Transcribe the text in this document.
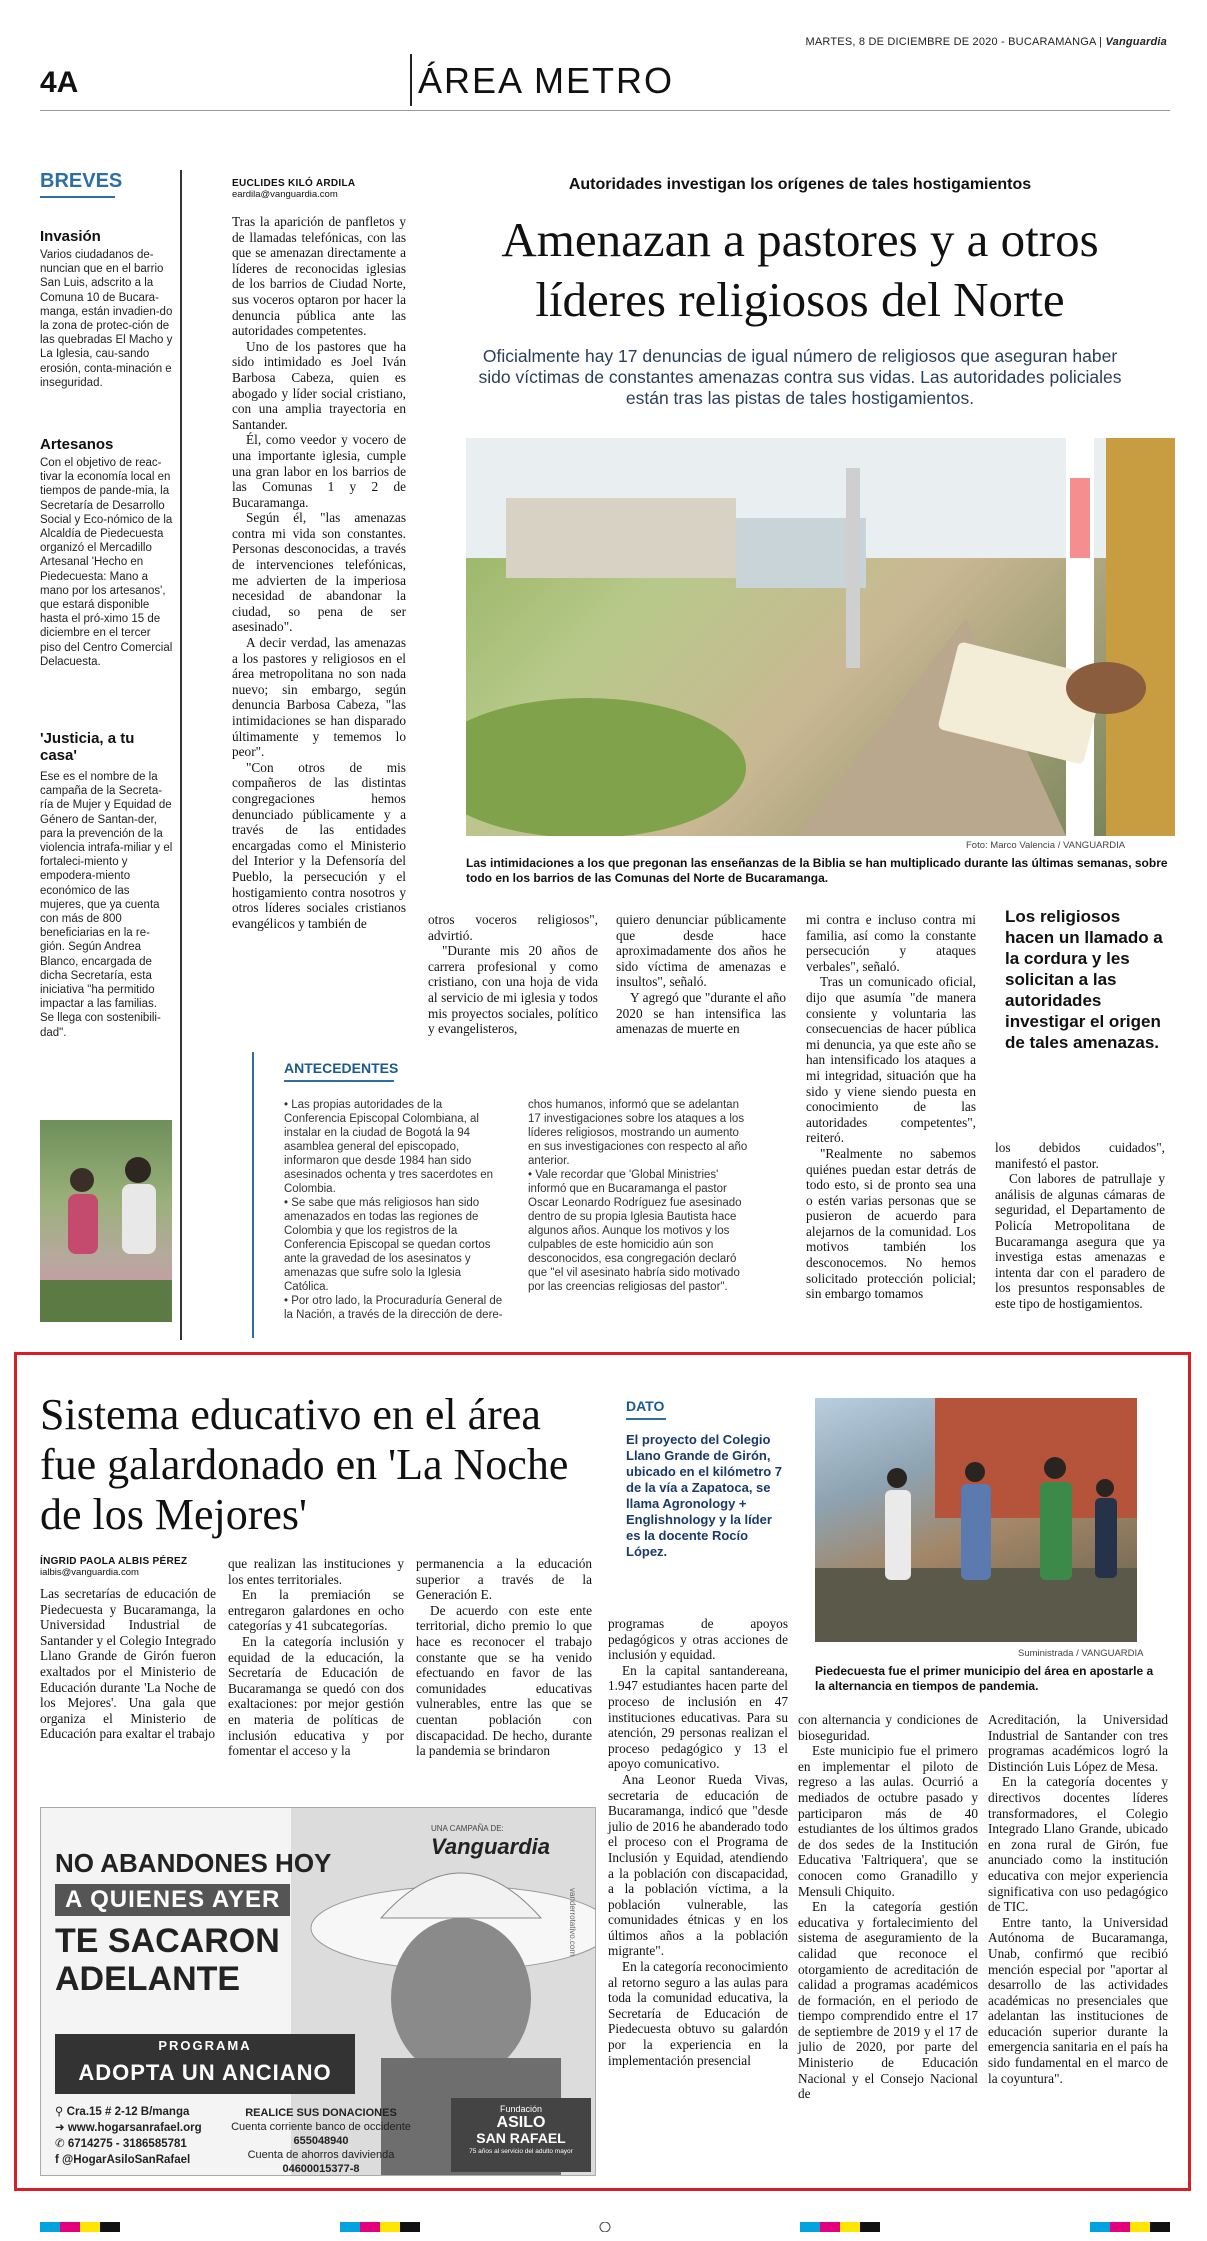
MARTES, 8 DE DICIEMBRE DE 2020 - BUCARAMANGA | Vanguardia
4A	ÁREA METRO
BREVES
Invasión
Varios ciudadanos de-nuncian que en el barrio San Luis, adscrito a la Comuna 10 de Bucara-manga, están invadien-do la zona de protec-ción de las quebradas El Macho y La Iglesia, cau-sando erosión, conta-minación e inseguridad.
Artesanos
Con el objetivo de reac-tivar la economía local en tiempos de pande-mia, la Secretaría de Desarrollo Social y Eco-nómico de la Alcaldía de Piedecuesta organizó el Mercadillo Artesanal 'Hecho en Piedecuesta: Mano a mano por los artesanos', que estará disponible hasta el pró-ximo 15 de diciembre en el tercer piso del Centro Comercial Delacuesta.
'Justicia, a tu casa'
Ese es el nombre de la campaña de la Secreta-ría de Mujer y Equidad de Género de Santan-der, para la prevención de la violencia intrafa-miliar y el fortaleci-miento y empodera-miento económico de las mujeres, que ya cuenta con más de 800 beneficiarias en la re-gión. Según Andrea Blanco, encargada de dicha Secretaría, esta iniciativa "ha permitido impactar a las familias. Se llega con sostenibili-dad".
EUCLIDES KILÓ ARDILA
eardila@vanguardia.com
Autoridades investigan los orígenes de tales hostigamientos
Amenazan a pastores y a otros líderes religiosos del Norte
Oficialmente hay 17 denuncias de igual número de religiosos que aseguran haber sido víctimas de constantes amenazas contra sus vidas. Las autoridades policiales están tras las pistas de tales hostigamientos.

Tras la aparición de panfletos y de llamadas telefónicas, con las que se amenazan directamente a líderes de reconocidas iglesias de los barrios de Ciudad Norte, sus voceros optaron por hacer la denuncia pública ante las autoridades competentes.

Uno de los pastores que ha sido intimidado es Joel Iván Barbosa Cabeza, quien es abogado y líder social cristiano, con una amplia trayectoria en Santander.

Él, como veedor y vocero de una importante iglesia, cumple una gran labor en los barrios de las Comunas 1 y 2 de Bucaramanga.

Según él, "las amenazas contra mi vida son constantes. Personas desconocidas, a través de intervenciones telefónicas, me advierten de la imperiosa necesidad de abandonar la ciudad, so pena de ser asesinado".

A decir verdad, las amenazas a los pastores y religiosos en el área metropolitana no son nada nuevo; sin embargo, según denuncia Barbosa Cabeza, "las intimidaciones se han disparado últimamente y tememos lo peor".

"Con otros de mis compañeros de las distintas congregaciones hemos denunciado públicamente y a través de las entidades encargadas como el Ministerio del Interior y la Defensoría del Pueblo, la persecución y el hostigamiento contra nosotros y otros líderes sociales cristianos evangélicos y también de

Foto: Marco Valencia / VANGUARDIA
Las intimidaciones a los que pregonan las enseñanzas de la Biblia se han multiplicado durante las últimas semanas, sobre todo en los barrios de las Comunas del Norte de Bucaramanga.

otros voceros religiosos", advirtió.

"Durante mis 20 años de carrera profesional y como cristiano, con una hoja de vida al servicio de mi iglesia y todos mis proyectos sociales, político y evangelisteros,

quiero denunciar públicamente que desde hace aproximadamente dos años he sido víctima de amenazas e insultos", señaló.

Y agregó que "durante el año 2020 se han intensifica las amenazas de muerte en

mi contra e incluso contra mi familia, así como la constante persecución y ataques verbales", señaló.

Tras un comunicado oficial, dijo que asumía "de manera consiente y voluntaria las consecuencias de hacer pública mi denuncia, ya que este año se han intensificado los ataques a mi integridad, situación que ha sido y viene siendo puesta en conocimiento de las autoridades competentes", reiteró.

"Realmente no sabemos quiénes puedan estar detrás de todo esto, si de pronto sea una o estén varias personas que se pusieron de acuerdo para alejarnos de la comunidad. Los motivos también los desconocemos. No hemos solicitado protección policial; sin embargo tomamos

Los religiosos hacen un llamado a la cordura y les solicitan a las autoridades investigar el origen de tales amenazas.

los debidos cuidados", manifestó el pastor.

Con labores de patrullaje y análisis de algunas cámaras de seguridad, el Departamento de Policía Metropolitana de Bucaramanga asegura que ya investiga estas amenazas e intenta dar con el paradero de los presuntos responsables de este tipo de hostigamientos.

ANTECEDENTES
• Las propias autoridades de la Conferencia Episcopal Colombiana, al instalar en la ciudad de Bogotá la 94 asamblea general del episcopado, informaron que desde 1984 han sido asesinados ochenta y tres sacerdotes en Colombia.
• Se sabe que más religiosos han sido amenazados en todas las regiones de Colombia y que los registros de la Conferencia Episcopal se quedan cortos ante la gravedad de los asesinatos y amenazas que sufre solo la Iglesia Católica.
• Por otro lado, la Procuraduría General de la Nación, a través de la dirección de dere-
chos humanos, informó que se adelantan 17 investigaciones sobre los ataques a los líderes religiosos, mostrando un aumento en sus investigaciones con respecto al año anterior.
• Vale recordar que 'Global Ministries' informó que en Bucaramanga el pastor Oscar Leonardo Rodríguez fue asesinado dentro de su propia Iglesia Bautista hace algunos años. Aunque los motivos y los culpables de este homicidio aún son desconocidos, esa congregación declaró que "el vil asesinato habría sido motivado por las creencias religiosas del pastor".
Sistema educativo en el área fue galardonado en 'La Noche de los Mejores'
DATO
El proyecto del Colegio Llano Grande de Girón, ubicado en el kilómetro 7 de la vía a Zapatoca, se llama Agronology + Englishnology y la líder es la docente Rocío López.
Suministrada / VANGUARDIA
Piedecuesta fue el primer municipio del área en apostarle a la alternancia en tiempos de pandemia.
ÍNGRID PAOLA ALBIS PÉREZ
ialbis@vanguardia.com

Las secretarías de educación de Piedecuesta y Bucaramanga, la Universidad Industrial de Santander y el Colegio Integrado Llano Grande de Girón fueron exaltados por el Ministerio de Educación durante 'La Noche de los Mejores'. Una gala que organiza el Ministerio de Educación para exaltar el trabajo

que realizan las instituciones y los entes territoriales.

En la premiación se entregaron galardones en ocho categorías y 41 subcategorías.

En la categoría inclusión y equidad de la educación, la Secretaría de Educación de Bucaramanga se quedó con dos exaltaciones: por mejor gestión en materia de políticas de inclusión educativa y por fomentar el acceso y la

permanencia a la educación superior a través de la Generación E.

De acuerdo con este ente territorial, dicho premio lo que hace es reconocer el trabajo constante que se ha venido efectuando en favor de las comunidades educativas vulnerables, entre las que se cuentan población con discapacidad. De hecho, durante la pandemia se brindaron

programas de apoyos pedagógicos y otras acciones de inclusión y equidad.

En la capital santandereana, 1.947 estudiantes hacen parte del proceso de inclusión en 47 instituciones educativas. Para su atención, 29 personas realizan el proceso pedagógico y 13 el apoyo comunicativo.

Ana Leonor Rueda Vivas, secretaria de educación de Bucaramanga, indicó que "desde julio de 2016 he abanderado todo el proceso con el Programa de Inclusión y Equidad, atendiendo a la población con discapacidad, a la población víctima, a la población vulnerable, las comunidades étnicas y en los últimos años a la población migrante".

En la categoría reconocimiento al retorno seguro a las aulas para toda la comunidad educativa, la Secretaría de Educación de Piedecuesta obtuvo su galardón por la experiencia en la implementación presencial

con alternancia y condiciones de bioseguridad.

Este municipio fue el primero en implementar el piloto de regreso a las aulas. Ocurrió a mediados de octubre pasado y participaron más de 40 estudiantes de los últimos grados de dos sedes de la Institución Educativa 'Faltriquera', que se conocen como Granadillo y Mensuli Chiquito.

En la categoría gestión educativa y fortalecimiento del sistema de aseguramiento de la calidad que reconoce el otorgamiento de acreditación de calidad a programas académicos de formación, en el periodo de tiempo comprendido entre el 17 de septiembre de 2019 y el 17 de julio de 2020, por parte del Ministerio de Educación Nacional y el Consejo Nacional de

Acreditación, la Universidad Industrial de Santander con tres programas académicos logró la Distinción Luis López de Mesa.

En la categoría docentes y directivos docentes líderes transformadores, el Colegio Integrado Llano Grande, ubicado en zona rural de Girón, fue anunciado como la institución educativa con mejor experiencia significativa con uso pedagógico de TIC.

Entre tanto, la Universidad Autónoma de Bucaramanga, Unab, confirmó que recibió mención especial por "aportar al desarrollo de las actividades académicas no presenciales que adelantan las instituciones de educación superior durante la emergencia sanitaria en el país ha sido fundamental en el marco de la coyuntura".

UNA CAMPAÑA DE:
Vanguardia
NO ABANDONES HOY
A QUIENES AYER
TE SACARON
ADELANTE
PROGRAMA
ADOPTA UN ANCIANO
⚲ Cra.15 # 2-12 B/manga
➜ www.hogarsanrafael.org
✆ 6714275 - 3186585781
f @HogarAsiloSanRafael
REALICE SUS DONACIONES
Cuenta corriente banco de occidente
655048940
Cuenta de ahorros davivienda
04600015377-8
Fundación
ASILO
SAN RAFAEL
75 años al servicio del adulto mayor
vanderrotativo.com
